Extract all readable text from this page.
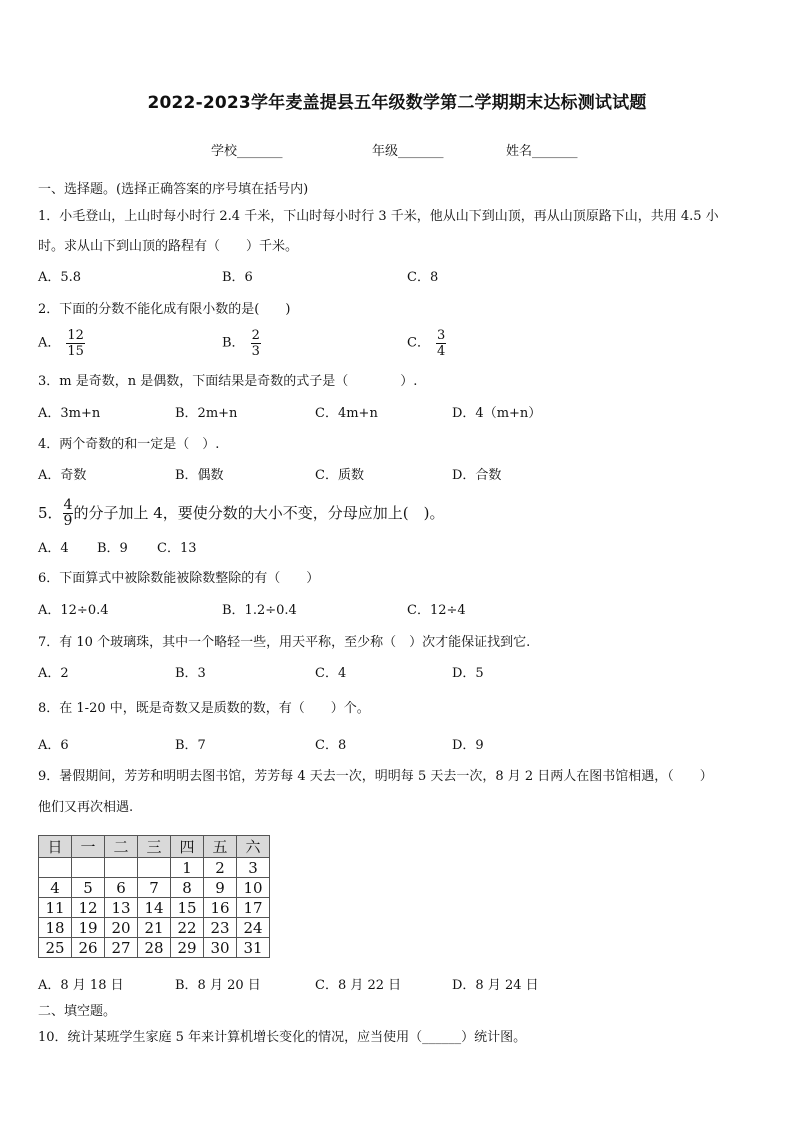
2022-2023学年麦盖提县五年级数学第二学期期末达标测试试题
学校_______	年级_______	姓名_______
一、选择题。(选择正确答案的序号填在括号内)
1．小毛登山，上山时每小时行 2.4 千米，下山时每小时行 3 千米，他从山下到山顶，再从山顶原路下山，共用 4.5 小
时。求从山下到山顶的路程有（　　）千米。
A．5.8	B．6	C．8
2．下面的分数不能化成有限小数的是(　　)
A． $\frac{12}{15}$	B． $\frac{2}{3}$	C． $\frac{3}{4}$
3．m 是奇数，n 是偶数，下面结果是奇数的式子是（　　　　）.
A．3m+n	B．2m+n	C．4m+n	D．4（m+n）
4．两个奇数的和一定是（　）.
A．奇数	B．偶数	C．质数	D．合数
5． $\frac{4}{9}$ 的分子加上 4，要使分数的大小不变，分母应加上(　)。
A．4 B．9 C．13
6．下面算式中被除数能被除数整除的有（　　）
A．12÷0.4	B．1.2÷0.4	C．12÷4
7．有 10 个玻璃珠，其中一个略轻一些，用天平称，至少称（　）次才能保证找到它.
A．2	B．3	C．4	D．5
8．在 1-20 中，既是奇数又是质数的数，有（　　）个。
A．6	B．7	C．8	D．9
9．暑假期间，芳芳和明明去图书馆，芳芳每 4 天去一次，明明每 5 天去一次，8 月 2 日两人在图书馆相遇，（　　）
他们又再次相遇.
日	一	二	三	四	五	六
				1	2	3
4	5	6	7	8	9	10
11	12	13	14	15	16	17
18	19	20	21	22	23	24
25	26	27	28	29	30	31
A．8 月 18 日	B．8 月 20 日	C．8 月 22 日	D．8 月 24 日
二、填空题。
10．统计某班学生家庭 5 年来计算机增长变化的情况，应当使用（______）统计图。
